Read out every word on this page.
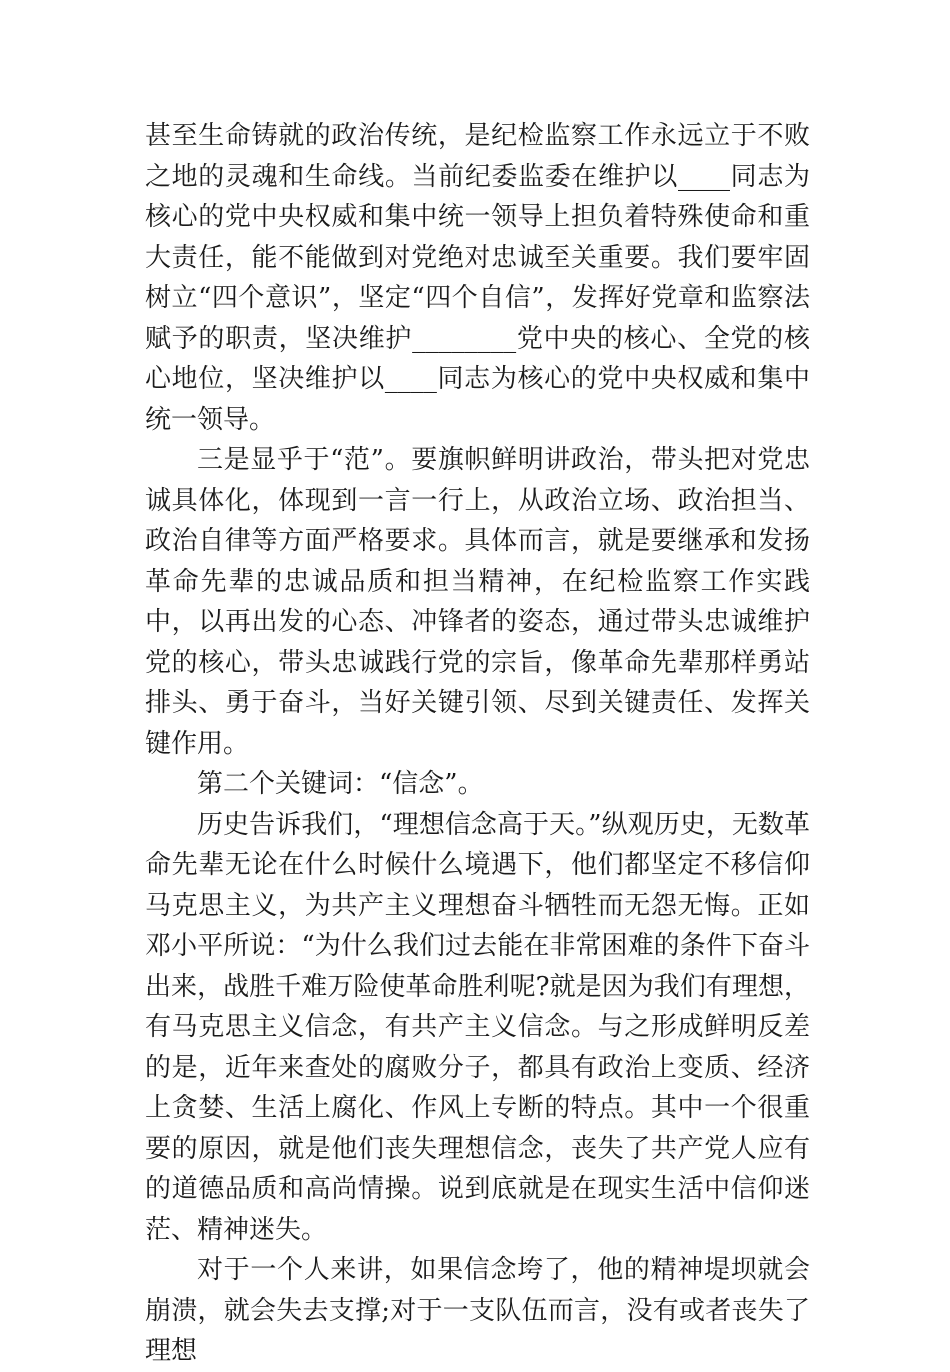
甚至生命铸就的政治传统，是纪检监察工作永远立于不败之地的灵魂和生命线。当前纪委监委在维护以____同志为核心的党中央权威和集中统一领导上担负着特殊使命和重大责任，能不能做到对党绝对忠诚至关重要。我们要牢固树立“四个意识”，坚定“四个自信”，发挥好党章和监察法赋予的职责，坚决维护________党中央的核心、全党的核心地位，坚决维护以____同志为核心的党中央权威和集中统一领导。

三是显乎于“范”。要旗帜鲜明讲政治，带头把对党忠诚具体化，体现到一言一行上，从政治立场、政治担当、政治自律等方面严格要求。具体而言，就是要继承和发扬革命先辈的忠诚品质和担当精神，在纪检监察工作实践中，以再出发的心态、冲锋者的姿态，通过带头忠诚维护党的核心，带头忠诚践行党的宗旨，像革命先辈那样勇站排头、勇于奋斗，当好关键引领、尽到关键责任、发挥关键作用。

第二个关键词：“信念”。

历史告诉我们，“理想信念高于天。”纵观历史，无数革命先辈无论在什么时候什么境遇下，他们都坚定不移信仰马克思主义，为共产主义理想奋斗牺牲而无怨无悔。正如邓小平所说：“为什么我们过去能在非常困难的条件下奋斗出来，战胜千难万险使革命胜利呢?就是因为我们有理想，有马克思主义信念，有共产主义信念。与之形成鲜明反差的是，近年来查处的腐败分子，都具有政治上变质、经济上贪婪、生活上腐化、作风上专断的特点。其中一个很重要的原因，就是他们丧失理想信念，丧失了共产党人应有的道德品质和高尚情操。说到底就是在现实生活中信仰迷茫、精神迷失。

对于一个人来讲，如果信念垮了，他的精神堤坝就会崩溃，就会失去支撑;对于一支队伍而言，没有或者丧失了理想
